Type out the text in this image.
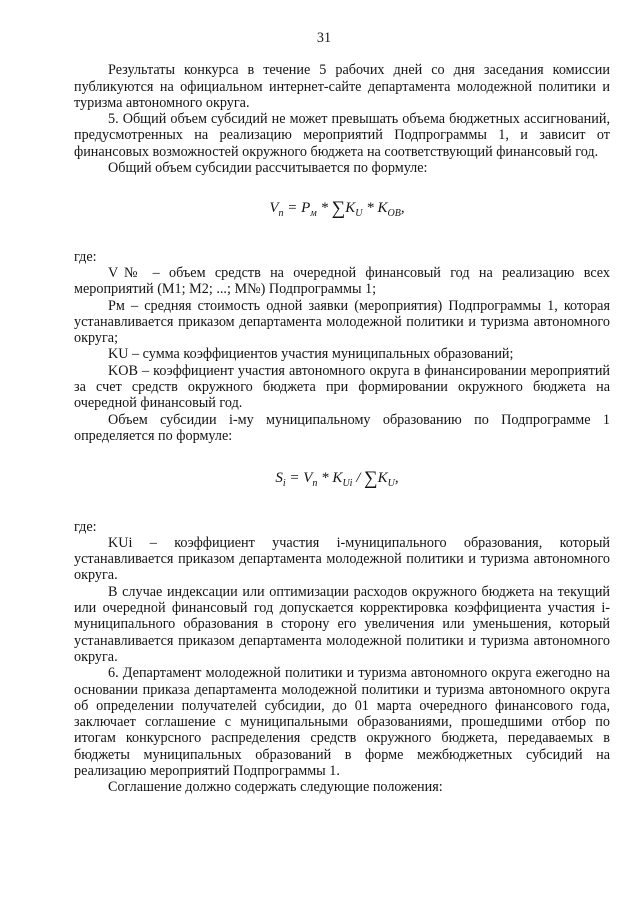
31

Результаты конкурса в течение 5 рабочих дней со дня заседания комиссии публикуются на официальном интернет-сайте департамента молодежной политики и туризма автономного округа.

5. Общий объем субсидий не может превышать объема бюджетных ассигнований, предусмотренных на реализацию мероприятий Подпрограммы 1, и зависит от финансовых возможностей окружного бюджета на соответствующий финансовый год.

Общий объем субсидии рассчитывается по формуле:

$V_n = P_м * \sum K_U * K_{OB}$,

где:

V№ – объем средств на очередной финансовый год на реализацию всех мероприятий (М1; М2; ...; М№) Подпрограммы 1;

Pм – средняя стоимость одной заявки (мероприятия) Подпрограммы 1, которая устанавливается приказом департамента молодежной политики и туризма автономного округа;

KU – сумма коэффициентов участия муниципальных образований;

KОВ – коэффициент участия автономного округа в финансировании мероприятий за счет средств окружного бюджета при формировании окружного бюджета на очередной финансовый год.

Объем субсидии i-му муниципальному образованию по Подпрограмме 1 определяется по формуле:

$S_i = V_n * K_{Ui} / \sum K_U$,

где:

KUi – коэффициент участия i-муниципального образования, который устанавливается приказом департамента молодежной политики и туризма автономного округа.

В случае индексации или оптимизации расходов окружного бюджета на текущий или очередной финансовый год допускается корректировка коэффициента участия i-муниципального образования в сторону его увеличения или уменьшения, который устанавливается приказом департамента молодежной политики и туризма автономного округа.

6. Департамент молодежной политики и туризма автономного округа ежегодно на основании приказа департамента молодежной политики и туризма автономного округа об определении получателей субсидии, до 01 марта очередного финансового года, заключает соглашение с муниципальными образованиями, прошедшими отбор по итогам конкурсного распределения средств окружного бюджета, передаваемых в бюджеты муниципальных образований в форме межбюджетных субсидий на реализацию мероприятий Подпрограммы 1.

Соглашение должно содержать следующие положения:
